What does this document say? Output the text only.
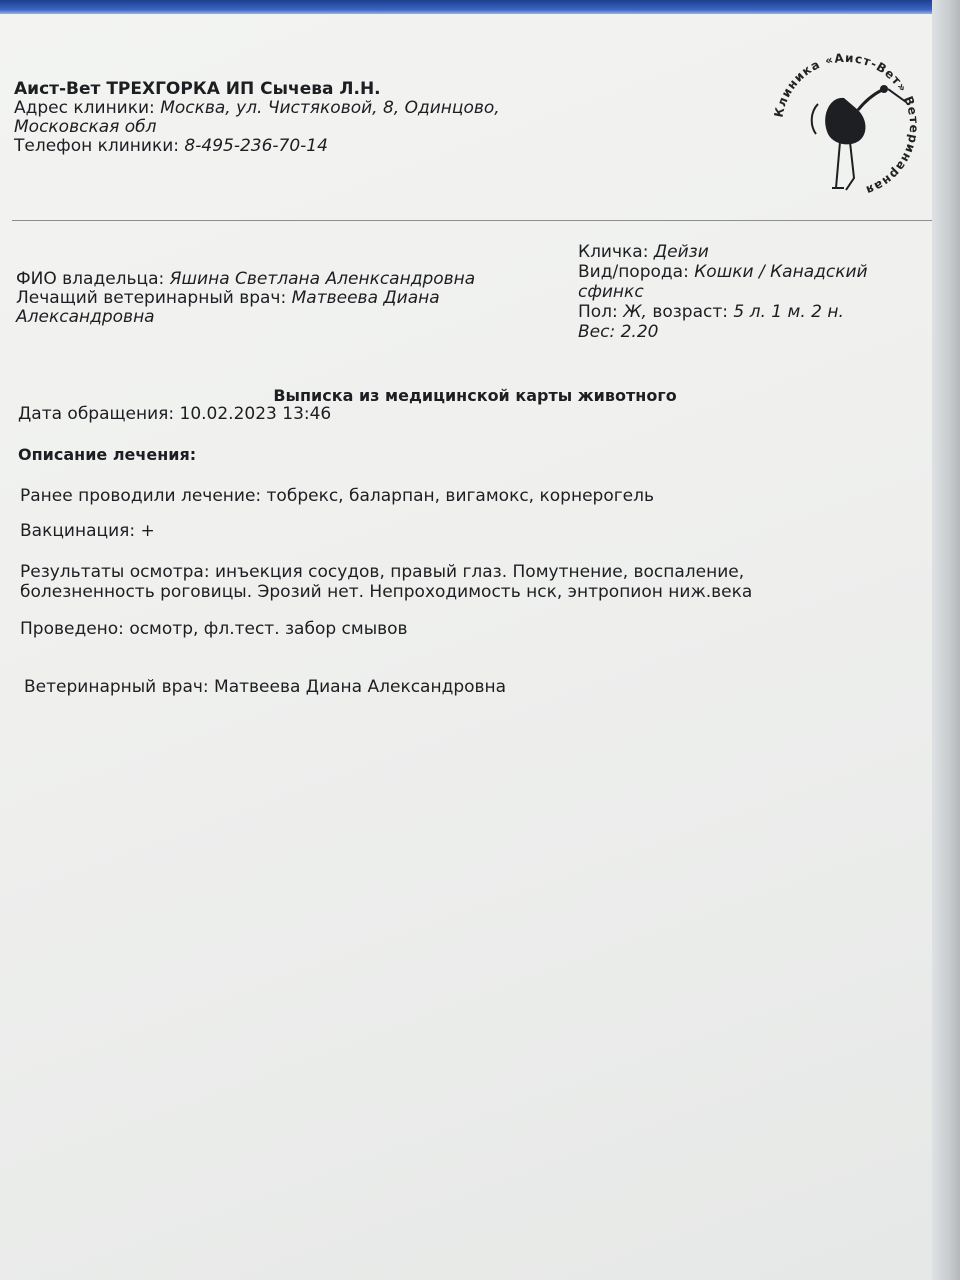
Аист-Вет ТРЕХГОРКА ИП Сычева Л.Н.
Адрес клиники: Москва, ул. Чистяковой, 8, Одинцово, Московская обл
Телефон клиники: 8-495-236-70-14
Клиника «Аист-Вет» Ветеринарная
ФИО владельца: Яшина Светлана Аленксандровна
Лечащий ветеринарный врач: Матвеева Диана Александровна
Кличка: Дейзи
Вид/порода: Кошки / Канадский сфинкс
Пол: Ж, возраст: 5 л. 1 м. 2 н.
Вес: 2.20
Выписка из медицинской карты животного
Дата обращения: 10.02.2023 13:46
Описание лечения:
Ранее проводили лечение: тобрекс, баларпан, вигамокс, корнерогель
Вакцинация: +
Результаты осмотра: инъекция сосудов, правый глаз. Помутнение, воспаление, болезненность роговицы. Эрозий нет. Непроходимость нск, энтропион ниж.века
Проведено: осмотр, фл.тест. забор смывов
Ветеринарный врач: Матвеева Диана Александровна
